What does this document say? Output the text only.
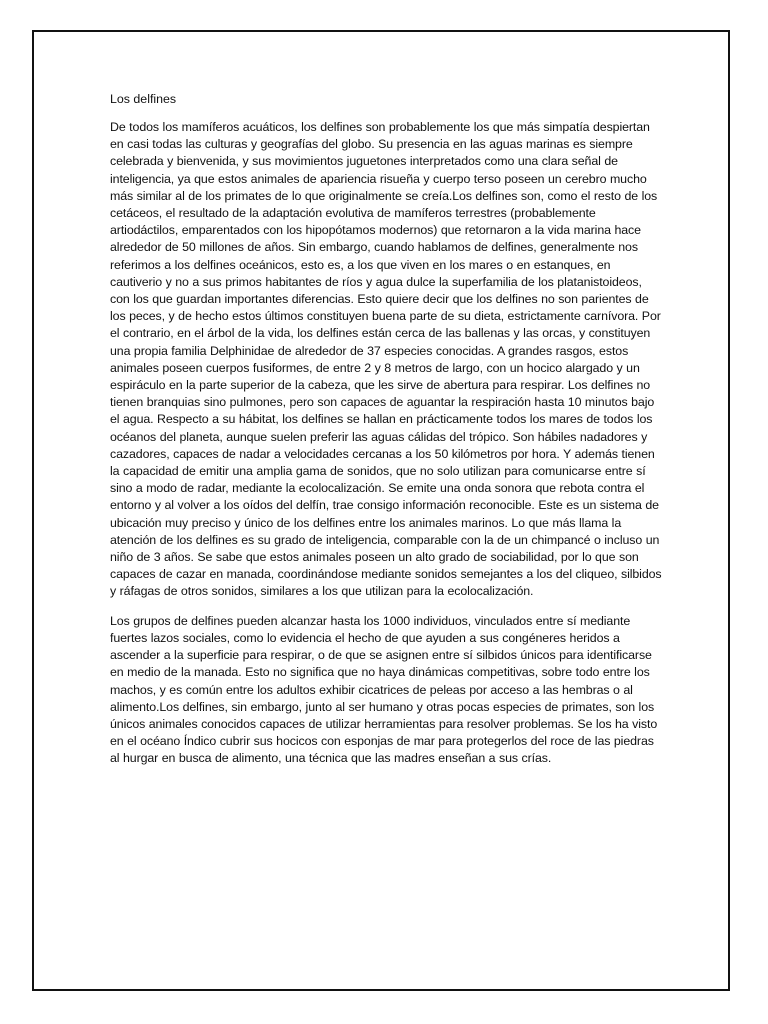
Los delfines

De todos los mamíferos acuáticos, los delfines son probablemente los que más simpatía despiertan en casi todas las culturas y geografías del globo. Su presencia en las aguas marinas es siempre celebrada y bienvenida, y sus movimientos juguetones interpretados como una clara señal de inteligencia, ya que estos animales de apariencia risueña y cuerpo terso poseen un cerebro mucho más similar al de los primates de lo que originalmente se creía.Los delfines son, como el resto de los cetáceos, el resultado de la adaptación evolutiva de mamíferos terrestres (probablemente artiodáctilos, emparentados con los hipopótamos modernos) que retornaron a la vida marina hace alrededor de 50 millones de años. Sin embargo, cuando hablamos de delfines, generalmente nos referimos a los delfines oceánicos, esto es, a los que viven en los mares o en estanques, en cautiverio y no a sus primos habitantes de ríos y agua dulce la superfamilia de los platanistoideos, con los que guardan importantes diferencias. Esto quiere decir que los delfines no son parientes de los peces, y de hecho estos últimos constituyen buena parte de su dieta, estrictamente carnívora. Por el contrario, en el árbol de la vida, los delfines están cerca de las ballenas y las orcas, y constituyen una propia familia Delphinidae de alrededor de 37 especies conocidas. A grandes rasgos, estos animales poseen cuerpos fusiformes, de entre 2 y 8 metros de largo, con un hocico alargado y un espiráculo en la parte superior de la cabeza, que les sirve de abertura para respirar. Los delfines no tienen branquias sino pulmones, pero son capaces de aguantar la respiración hasta 10 minutos bajo el agua. Respecto a su hábitat, los delfines se hallan en prácticamente todos los mares de todos los océanos del planeta, aunque suelen preferir las aguas cálidas del trópico. Son hábiles nadadores y cazadores, capaces de nadar a velocidades cercanas a los 50 kilómetros por hora. Y además tienen la capacidad de emitir una amplia gama de sonidos, que no solo utilizan para comunicarse entre sí sino a modo de radar, mediante la ecolocalización. Se emite una onda sonora que rebota contra el entorno y al volver a los oídos del delfín, trae consigo información reconocible. Este es un sistema de ubicación muy preciso y único de los delfines entre los animales marinos. Lo que más llama la atención de los delfines es su grado de inteligencia, comparable con la de un chimpancé o incluso un niño de 3 años. Se sabe que estos animales poseen un alto grado de sociabilidad, por lo que son capaces de cazar en manada, coordinándose mediante sonidos semejantes a los del cliqueo, silbidos y ráfagas de otros sonidos, similares a los que utilizan para la ecolocalización.

Los grupos de delfines pueden alcanzar hasta los 1000 individuos, vinculados entre sí mediante fuertes lazos sociales, como lo evidencia el hecho de que ayuden a sus congéneres heridos a ascender a la superficie para respirar, o de que se asignen entre sí silbidos únicos para identificarse en medio de la manada. Esto no significa que no haya dinámicas competitivas, sobre todo entre los machos, y es común entre los adultos exhibir cicatrices de peleas por acceso a las hembras o al alimento.Los delfines, sin embargo, junto al ser humano y otras pocas especies de primates, son los únicos animales conocidos capaces de utilizar herramientas para resolver problemas. Se los ha visto en el océano Índico cubrir sus hocicos con esponjas de mar para protegerlos del roce de las piedras al hurgar en busca de alimento, una técnica que las madres enseñan a sus crías.
